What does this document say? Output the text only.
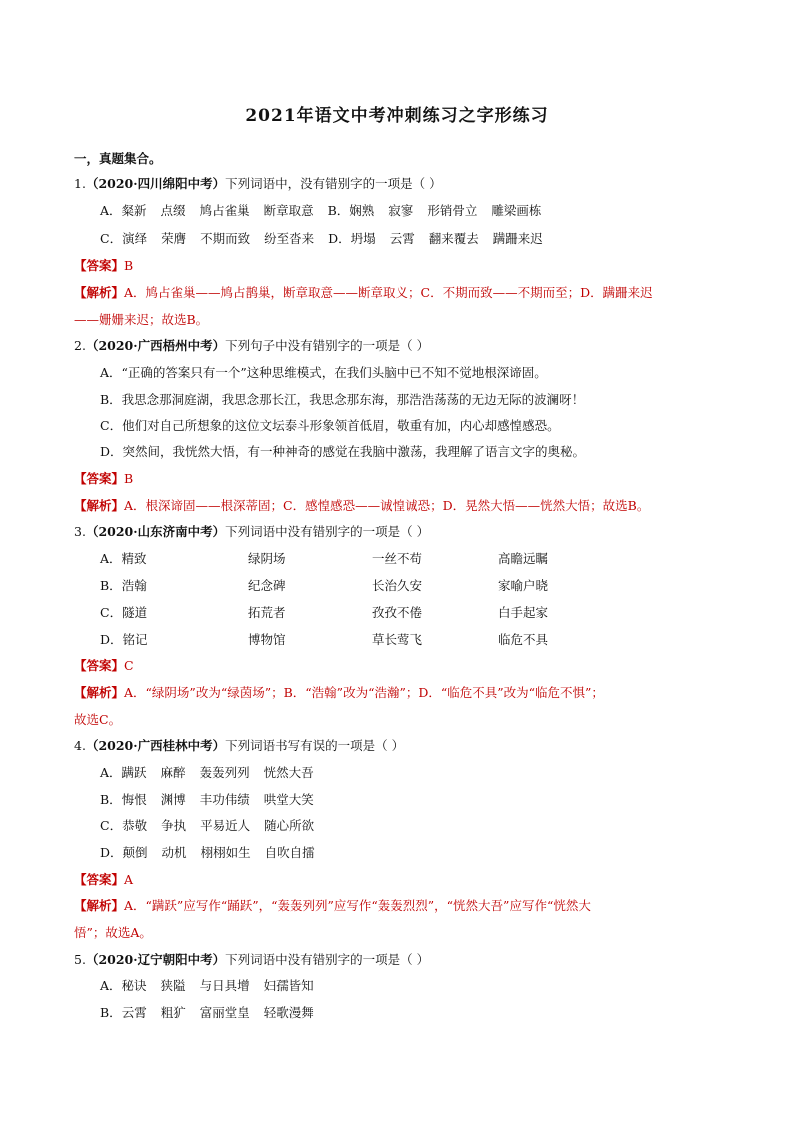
2021年语文中考冲刺练习之字形练习
一，真题集合。
1.（2020·四川绵阳中考）下列词语中，没有错别字的一项是（ ）
A．粲新 点缀 鸠占雀巢 断章取意 B．娴熟 寂寥 形销骨立 雕梁画栋
C．演绎 荣膺 不期而致 纷至沓来 D．坍塌 云霄 翻来覆去 蹒跚来迟
【答案】B
【解析】A．鸠占雀巢——鸠占鹊巢，断章取意——断章取义；C．不期而致——不期而至；D．蹒跚来迟
——姗姗来迟；故选B。
2.（2020·广西梧州中考）下列句子中没有错别字的一项是（ ）
A．“正确的答案只有一个”这种思维模式，在我们头脑中已不知不觉地根深谛固。
B．我思念那洞庭湖，我思念那长江，我思念那东海，那浩浩荡荡的无边无际的波澜呀！
C．他们对自己所想象的这位文坛泰斗形象领首低眉，敬重有加，内心却感惶感恐。
D．突然间，我恍然大悟，有一种神奇的感觉在我脑中激荡，我理解了语言文字的奥秘。
【答案】B
【解析】A．根深谛固——根深蒂固；C．感惶感恐——诚惶诚恐；D．晃然大悟——恍然大悟；故选B。
3.（2020·山东济南中考）下列词语中没有错别字的一项是（ ）
A．精致	绿阴场	一丝不苟	高瞻远瞩
B．浩翰	纪念碑	长治久安	家喻户晓
C．隧道	拓荒者	孜孜不倦	白手起家
D．铭记	博物馆	草长莺飞	临危不具
【答案】C
【解析】A．“绿阴场”改为“绿茵场”；B．“浩翰”改为“浩瀚”；D．“临危不具”改为“临危不惧”；
故选C。
4.（2020·广西桂林中考）下列词语书写有误的一项是（ ）
A．蹒跃 麻醉 轰轰列列 恍然大吾
B．悔恨 渊博 丰功伟绩 哄堂大笑
C．恭敬 争执 平易近人 随心所欲
D．颠倒 动机 栩栩如生 自吹自擂
【答案】A
【解析】A．“蹒跃”应写作“踊跃”，“轰轰列列”应写作“轰轰烈烈”，“恍然大吾”应写作“恍然大
悟”；故选A。
5.（2020·辽宁朝阳中考）下列词语中没有错别字的一项是（ ）
A．秘诀 狭隘 与日具增 妇孺皆知
B．云霄 粗犷 富丽堂皇 轻歌漫舞
